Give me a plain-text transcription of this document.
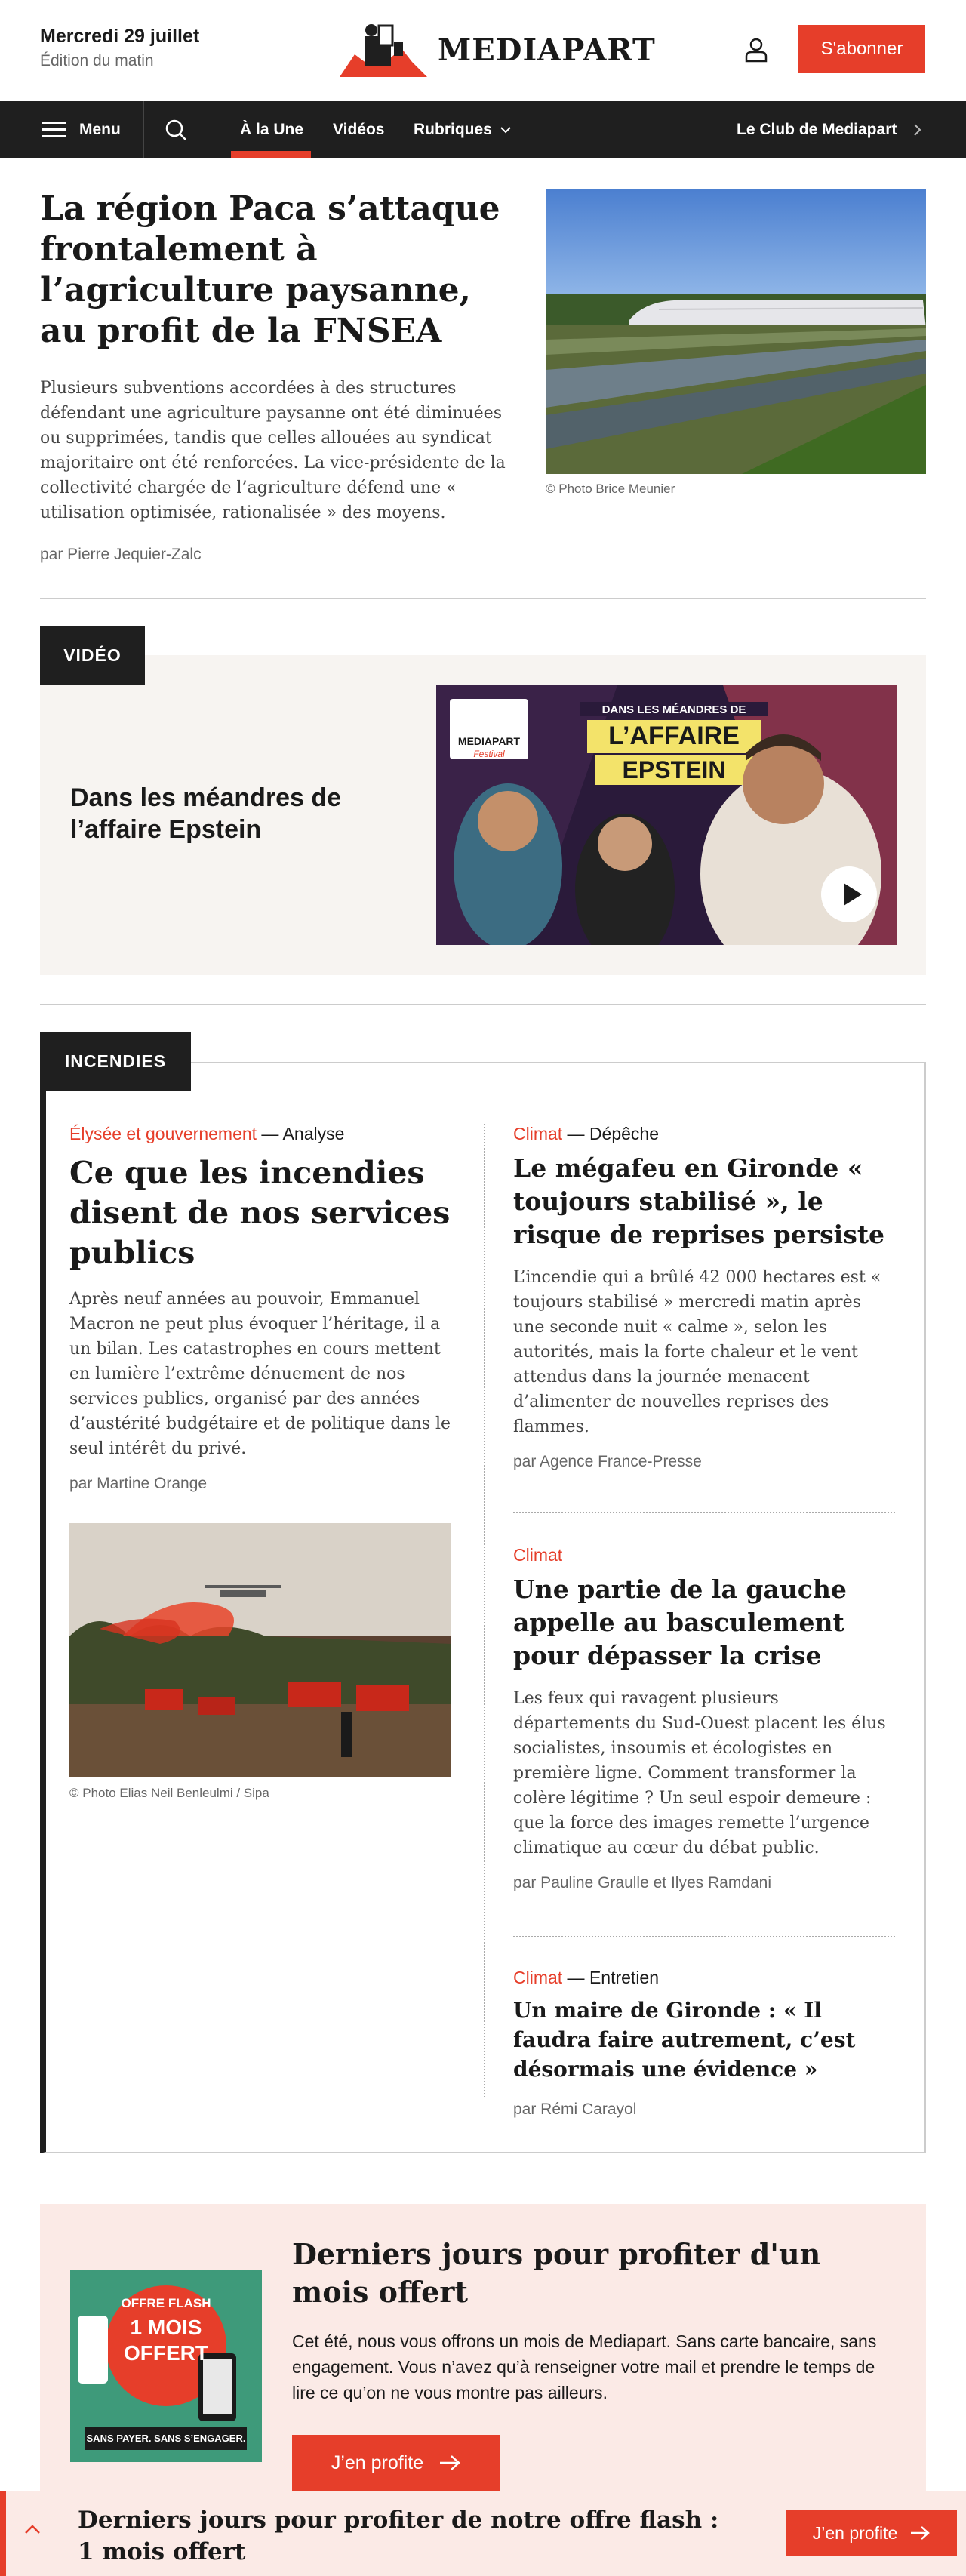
Mercredi 29 juillet
Édition du matin	MEDIAPART	S'abonner
Menu	À la Une Vidéos Rubriques	Le Club de Mediapart
La région Paca s’attaque frontalement à l’agriculture paysanne, au profit de la FNSEA
Plusieurs subventions accordées à des structures défendant une agriculture paysanne ont été diminuées ou supprimées, tandis que celles allouées au syndicat majoritaire ont été renforcées. La vice-présidente de la collectivité chargée de l’agriculture défend une « utilisation optimisée, rationalisée » des moyens.
par Pierre Jequier-Zalc
© Photo Brice Meunier
Dans les méandres de l’affaire Epstein
DANS LES MÉANDRES DE
L’AFFAIRE
EPSTEIN
MEDIAPART
Festival
VIDÉO
Élysée et gouvernement — Analyse
Ce que les incendies disent de nos services publics
Après neuf années au pouvoir, Emmanuel Macron ne peut plus évoquer l’héritage, il a un bilan. Les catastrophes en cours mettent en lumière l’extrême dénuement de nos services publics, organisé par des années d’austérité budgétaire et de politique dans le seul intérêt du privé.
par Martine Orange
© Photo Elias Neil Benleulmi / Sipa
Climat — Dépêche
Le mégafeu en Gironde « toujours stabilisé », le risque de reprises persiste
L’incendie qui a brûlé 42 000 hectares est « toujours stabilisé » mercredi matin après une seconde nuit « calme », selon les autorités, mais la forte chaleur et le vent attendus dans la journée menacent d’alimenter de nouvelles reprises des flammes.
par Agence France-Presse
Climat
Une partie de la gauche appelle au basculement pour dépasser la crise
Les feux qui ravagent plusieurs départements du Sud-Ouest placent les élus socialistes, insoumis et écologistes en première ligne. Comment transformer la colère légitime ? Un seul espoir demeure : que la force des images remette l’urgence climatique au cœur du débat public.
par Pauline Graulle et Ilyes Ramdani
Climat — Entretien
Un maire de Gironde : « Il faudra faire autrement, c’est désormais une évidence »
par Rémi Carayol
INCENDIES
OFFRE FLASH
1 MOIS
OFFERT
SANS PAYER. SANS S’ENGAGER.
Derniers jours pour profiter d'un mois offert
Cet été, nous vous offrons un mois de Mediapart. Sans carte bancaire, sans engagement. Vous n’avez qu’à renseigner votre mail et prendre le temps de lire ce qu’on ne vous montre pas ailleurs.
J’en profite
Derniers jours pour profiter de notre offre flash : 1 mois offert
J’en profite
